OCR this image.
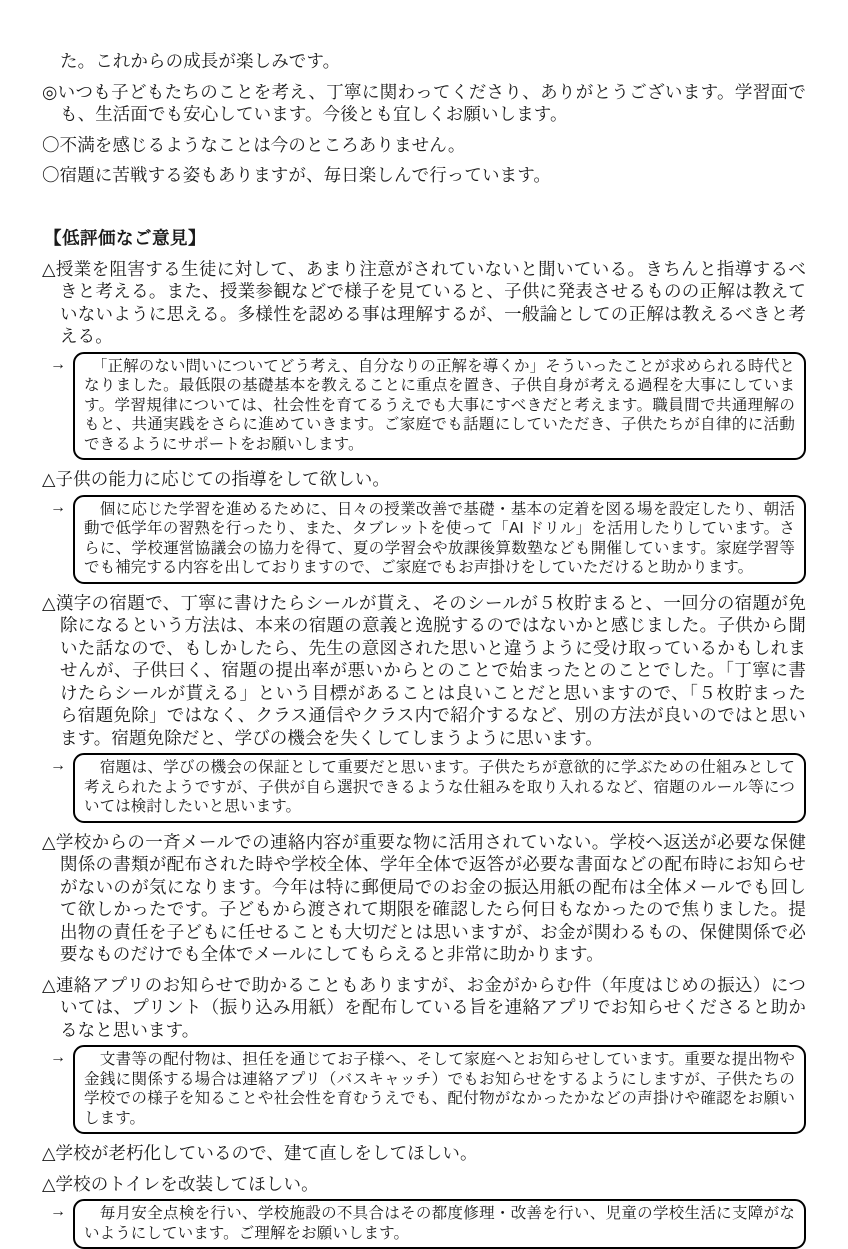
た。これからの成長が楽しみです。

◎いつも子どもたちのことを考え、丁寧に関わってくださり、ありがとうございます。学習面でも、生活面でも安心しています。今後とも宜しくお願いします。

〇不満を感じるようなことは今のところありません。

〇宿題に苦戦する姿もありますが、毎日楽しんで行っています。

【低評価なご意見】

△授業を阻害する生徒に対して、あまり注意がされていないと聞いている。きちんと指導するべきと考える。また、授業参観などで様子を見ていると、子供に発表させるものの正解は教えていないように思える。多様性を認める事は理解するが、一般論としての正解は教えるべきと考える。

→	　「正解のない問いについてどう考え、自分なりの正解を導くか」そういったことが求められる時代となりました。最低限の基礎基本を教えることに重点を置き、子供自身が考える過程を大事にしています。学習規律については、社会性を育てるうえでも大事にすべきだと考えます。職員間で共通理解のもと、共通実践をさらに進めていきます。ご家庭でも話題にしていただき、子供たちが自律的に活動できるようにサポートをお願いします。

△子供の能力に応じての指導をして欲しい。

→	　個に応じた学習を進めるために、日々の授業改善で基礎・基本の定着を図る場を設定したり、朝活動で低学年の習熟を行ったり、また、タブレットを使って「AI ドリル」を活用したりしています。さらに、学校運営協議会の協力を得て、夏の学習会や放課後算数塾なども開催しています。家庭学習等でも補完する内容を出しておりますので、ご家庭でもお声掛けをしていただけると助かります。

△漢字の宿題で、丁寧に書けたらシールが貰え、そのシールが５枚貯まると、一回分の宿題が免除になるという方法は、本来の宿題の意義と逸脱するのではないかと感じました。子供から聞いた話なので、もしかしたら、先生の意図された思いと違うように受け取っているかもしれませんが、子供曰く、宿題の提出率が悪いからとのことで始まったとのことでした。「丁寧に書けたらシールが貰える」という目標があることは良いことだと思いますので、「５枚貯まったら宿題免除」ではなく、クラス通信やクラス内で紹介するなど、別の方法が良いのではと思います。宿題免除だと、学びの機会を失くしてしまうように思います。

→	　宿題は、学びの機会の保証として重要だと思います。子供たちが意欲的に学ぶための仕組みとして考えられたようですが、子供が自ら選択できるような仕組みを取り入れるなど、宿題のルール等については検討したいと思います。

△学校からの一斉メールでの連絡内容が重要な物に活用されていない。学校へ返送が必要な保健関係の書類が配布された時や学校全体、学年全体で返答が必要な書面などの配布時にお知らせがないのが気になります。今年は特に郵便局でのお金の振込用紙の配布は全体メールでも回して欲しかったです。子どもから渡されて期限を確認したら何日もなかったので焦りました。提出物の責任を子どもに任せることも大切だとは思いますが、お金が関わるもの、保健関係で必要なものだけでも全体でメールにしてもらえると非常に助かります。

△連絡アプリのお知らせで助かることもありますが、お金がからむ件（年度はじめの振込）については、プリント（振り込み用紙）を配布している旨を連絡アプリでお知らせくださると助かるなと思います。

→	　文書等の配付物は、担任を通じてお子様へ、そして家庭へとお知らせしています。重要な提出物や金銭に関係する場合は連絡アプリ（バスキャッチ）でもお知らせをするようにしますが、子供たちの学校での様子を知ることや社会性を育むうえでも、配付物がなかったかなどの声掛けや確認をお願いします。

△学校が老朽化しているので、建て直しをしてほしい。

△学校のトイレを改装してほしい。

→	　毎月安全点検を行い、学校施設の不具合はその都度修理・改善を行い、児童の学校生活に支障がないようにしています。ご理解をお願いします。
